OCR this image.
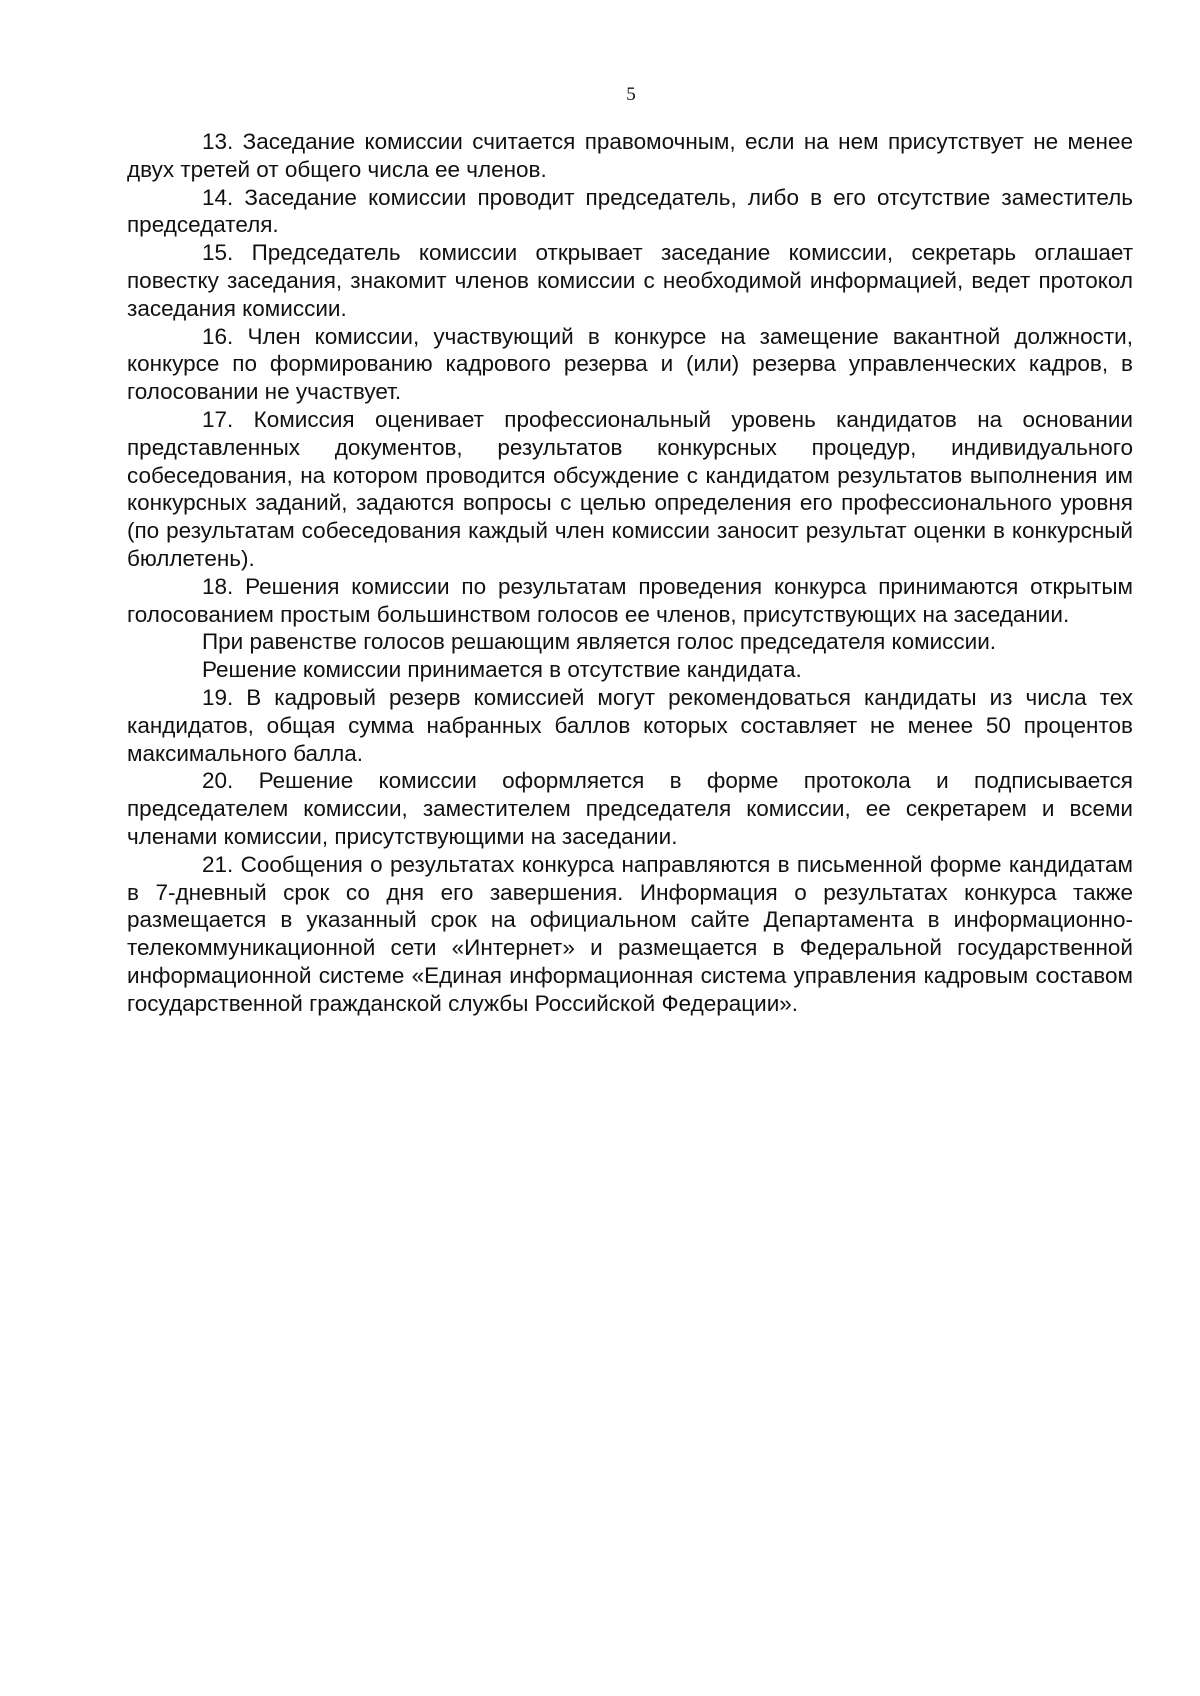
5

13. Заседание комиссии считается правомочным, если на нем присутствует не менее двух третей от общего числа ее членов.

14. Заседание комиссии проводит председатель, либо в его отсутствие заместитель председателя.

15. Председатель комиссии открывает заседание комиссии, секретарь оглашает повестку заседания, знакомит членов комиссии с необходимой информацией, ведет протокол заседания комиссии.

16. Член комиссии, участвующий в конкурсе на замещение вакантной должности, конкурсе по формированию кадрового резерва и (или) резерва управленческих кадров, в голосовании не участвует.

17. Комиссия оценивает профессиональный уровень кандидатов на основании представленных документов, результатов конкурсных процедур, индивидуального собеседования, на котором проводится обсуждение с кандидатом результатов выполнения им конкурсных заданий, задаются вопросы с целью определения его профессионального уровня (по результатам собеседования каждый член комиссии заносит результат оценки в конкурсный бюллетень).

18. Решения комиссии по результатам проведения конкурса принимаются открытым голосованием простым большинством голосов ее членов, присутствующих на заседании.

При равенстве голосов решающим является голос председателя комиссии.

Решение комиссии принимается в отсутствие кандидата.

19. В кадровый резерв комиссией могут рекомендоваться кандидаты из числа тех кандидатов, общая сумма набранных баллов которых составляет не менее 50 процентов максимального балла.

20. Решение комиссии оформляется в форме протокола и подписывается председателем комиссии, заместителем председателя комиссии, ее секретарем и всеми членами комиссии, присутствующими на заседании.

21. Сообщения о результатах конкурса направляются в письменной форме кандидатам в 7-дневный срок со дня его завершения. Информация о результатах конкурса также размещается в указанный срок на официальном сайте Департамента в информационно-телекоммуникационной сети «Интернет» и размещается в Федеральной государственной информационной системе «Единая информационная система управления кадровым составом государственной гражданской службы Российской Федерации».
